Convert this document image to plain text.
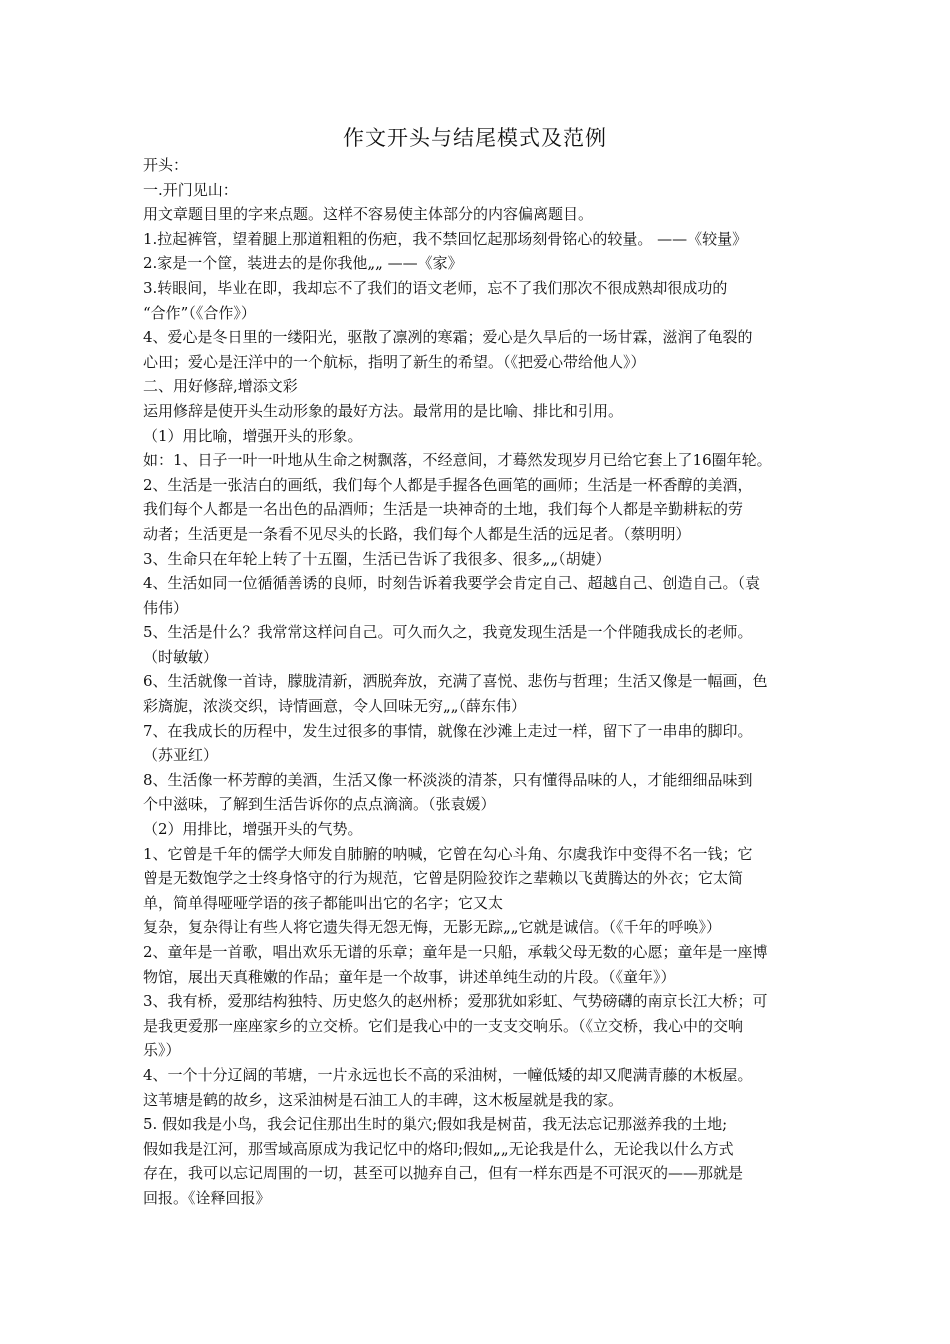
作文开头与结尾模式及范例
开头：
一.开门见山：
用文章题目里的字来点题。这样不容易使主体部分的内容偏离题目。
1.拉起裤管，望着腿上那道粗粗的伤疤，我不禁回忆起那场刻骨铭心的较量。 ——《较量》
2.家是一个筐，装进去的是你我他„„ ——《家》
3.转眼间，毕业在即，我却忘不了我们的语文老师，忘不了我们那次不很成熟却很成功的
“合作”（《合作》）
4、爱心是冬日里的一缕阳光，驱散了凛冽的寒霜；爱心是久旱后的一场甘霖，滋润了龟裂的
心田；爱心是汪洋中的一个航标，指明了新生的希望。（《把爱心带给他人》）
二、用好修辞,增添文彩
运用修辞是使开头生动形象的最好方法。最常用的是比喻、排比和引用。
（1）用比喻，增强开头的形象。
如：1、日子一叶一叶地从生命之树飘落，不经意间，才蓦然发现岁月已给它套上了16圈年轮。
2、生活是一张洁白的画纸，我们每个人都是手握各色画笔的画师；生活是一杯香醇的美酒，
我们每个人都是一名出色的品酒师；生活是一块神奇的土地，我们每个人都是辛勤耕耘的劳
动者；生活更是一条看不见尽头的长路，我们每个人都是生活的远足者。（蔡明明）
3、生命只在年轮上转了十五圈，生活已告诉了我很多、很多„„（胡婕）
4、生活如同一位循循善诱的良师，时刻告诉着我要学会肯定自己、超越自己、创造自己。（袁
伟伟）
5、生活是什么？我常常这样问自己。可久而久之，我竟发现生活是一个伴随我成长的老师。
（时敏敏）
6、生活就像一首诗，朦胧清新，洒脱奔放，充满了喜悦、悲伤与哲理；生活又像是一幅画，色
彩旖旎，浓淡交织，诗情画意，令人回味无穷„„（薛东伟）
7、在我成长的历程中，发生过很多的事情，就像在沙滩上走过一样，留下了一串串的脚印。
（苏亚红）
8、生活像一杯芳醇的美酒，生活又像一杯淡淡的清茶，只有懂得品味的人，才能细细品味到
个中滋味，了解到生活告诉你的点点滴滴。（张袁媛）
（2）用排比，增强开头的气势。
1、它曾是千年的儒学大师发自肺腑的呐喊，它曾在勾心斗角、尔虞我诈中变得不名一钱；它
曾是无数饱学之士终身恪守的行为规范，它曾是阴险狡诈之辈赖以飞黄腾达的外衣；它太简
单，简单得哑哑学语的孩子都能叫出它的名字；它又太
复杂，复杂得让有些人将它遗失得无怨无悔，无影无踪„„它就是诚信。（《千年的呼唤》）
2、童年是一首歌，唱出欢乐无谱的乐章；童年是一只船，承载父母无数的心愿；童年是一座博
物馆，展出天真稚嫩的作品；童年是一个故事，讲述单纯生动的片段。（《童年》）
3、我有桥，爱那结构独特、历史悠久的赵州桥；爱那犹如彩虹、气势磅礴的南京长江大桥；可
是我更爱那一座座家乡的立交桥。它们是我心中的一支支交响乐。（《立交桥，我心中的交响
乐》）
4、一个十分辽阔的苇塘，一片永远也长不高的采油树，一幢低矮的却又爬满青藤的木板屋。
这苇塘是鹤的故乡，这采油树是石油工人的丰碑，这木板屋就是我的家。
5. 假如我是小鸟，我会记住那出生时的巢穴;假如我是树苗，我无法忘记那滋养我的土地;
假如我是江河，那雪域高原成为我记忆中的烙印;假如„„无论我是什么，无论我以什么方式
存在，我可以忘记周围的一切，甚至可以抛弃自己，但有一样东西是不可泯灭的——那就是
回报。《诠释回报》
